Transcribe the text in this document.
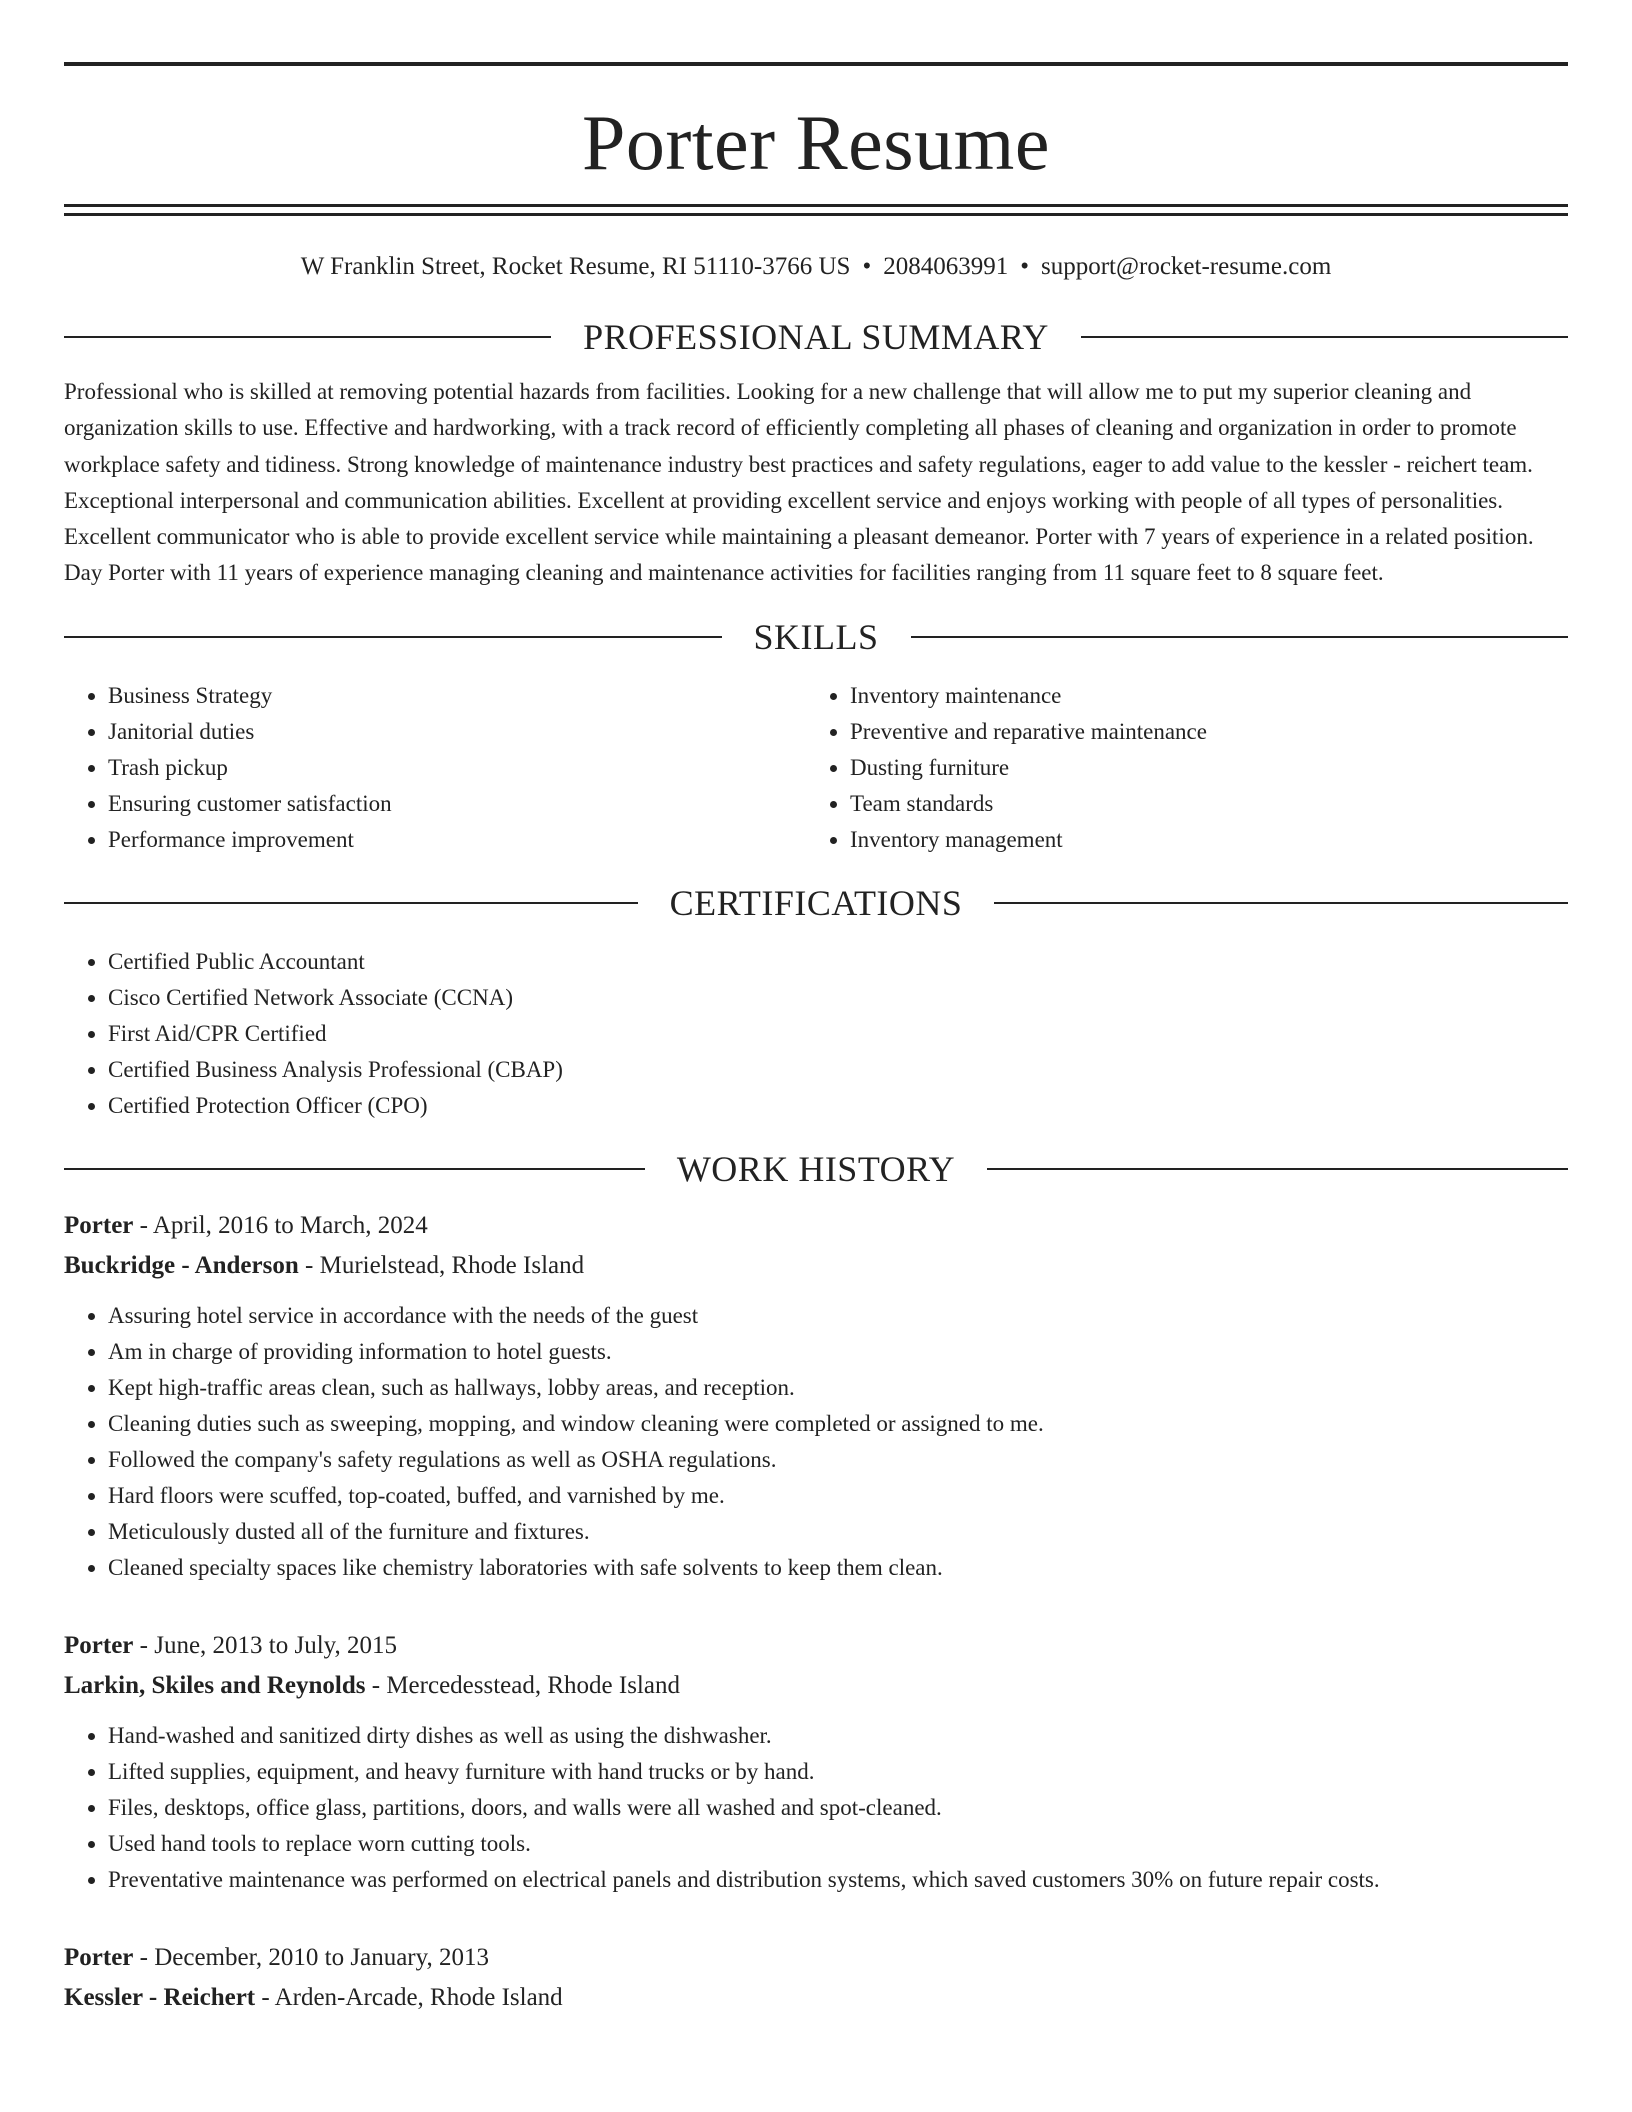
Porter Resume
W Franklin Street, Rocket Resume, RI 51110-3766 US • 2084063991 • support@rocket-resume.com
PROFESSIONAL SUMMARY
Professional who is skilled at removing potential hazards from facilities. Looking for a new challenge that will allow me to put my superior cleaning and organization skills to use. Effective and hardworking, with a track record of efficiently completing all phases of cleaning and organization in order to promote workplace safety and tidiness. Strong knowledge of maintenance industry best practices and safety regulations, eager to add value to the kessler - reichert team. Exceptional interpersonal and communication abilities. Excellent at providing excellent service and enjoys working with people of all types of personalities. Excellent communicator who is able to provide excellent service while maintaining a pleasant demeanor. Porter with 7 years of experience in a related position. Day Porter with 11 years of experience managing cleaning and maintenance activities for facilities ranging from 11 square feet to 8 square feet.
SKILLS
• Business Strategy
• Janitorial duties
• Trash pickup
• Ensuring customer satisfaction
• Performance improvement
• Inventory maintenance
• Preventive and reparative maintenance
• Dusting furniture
• Team standards
• Inventory management
CERTIFICATIONS
• Certified Public Accountant
• Cisco Certified Network Associate (CCNA)
• First Aid/CPR Certified
• Certified Business Analysis Professional (CBAP)
• Certified Protection Officer (CPO)
WORK HISTORY
Porter - April, 2016 to March, 2024
Buckridge - Anderson - Murielstead, Rhode Island
• Assuring hotel service in accordance with the needs of the guest
• Am in charge of providing information to hotel guests.
• Kept high-traffic areas clean, such as hallways, lobby areas, and reception.
• Cleaning duties such as sweeping, mopping, and window cleaning were completed or assigned to me.
• Followed the company's safety regulations as well as OSHA regulations.
• Hard floors were scuffed, top-coated, buffed, and varnished by me.
• Meticulously dusted all of the furniture and fixtures.
• Cleaned specialty spaces like chemistry laboratories with safe solvents to keep them clean.
Porter - June, 2013 to July, 2015
Larkin, Skiles and Reynolds - Mercedesstead, Rhode Island
• Hand-washed and sanitized dirty dishes as well as using the dishwasher.
• Lifted supplies, equipment, and heavy furniture with hand trucks or by hand.
• Files, desktops, office glass, partitions, doors, and walls were all washed and spot-cleaned.
• Used hand tools to replace worn cutting tools.
• Preventative maintenance was performed on electrical panels and distribution systems, which saved customers 30% on future repair costs.
Porter - December, 2010 to January, 2013
Kessler - Reichert - Arden-Arcade, Rhode Island
